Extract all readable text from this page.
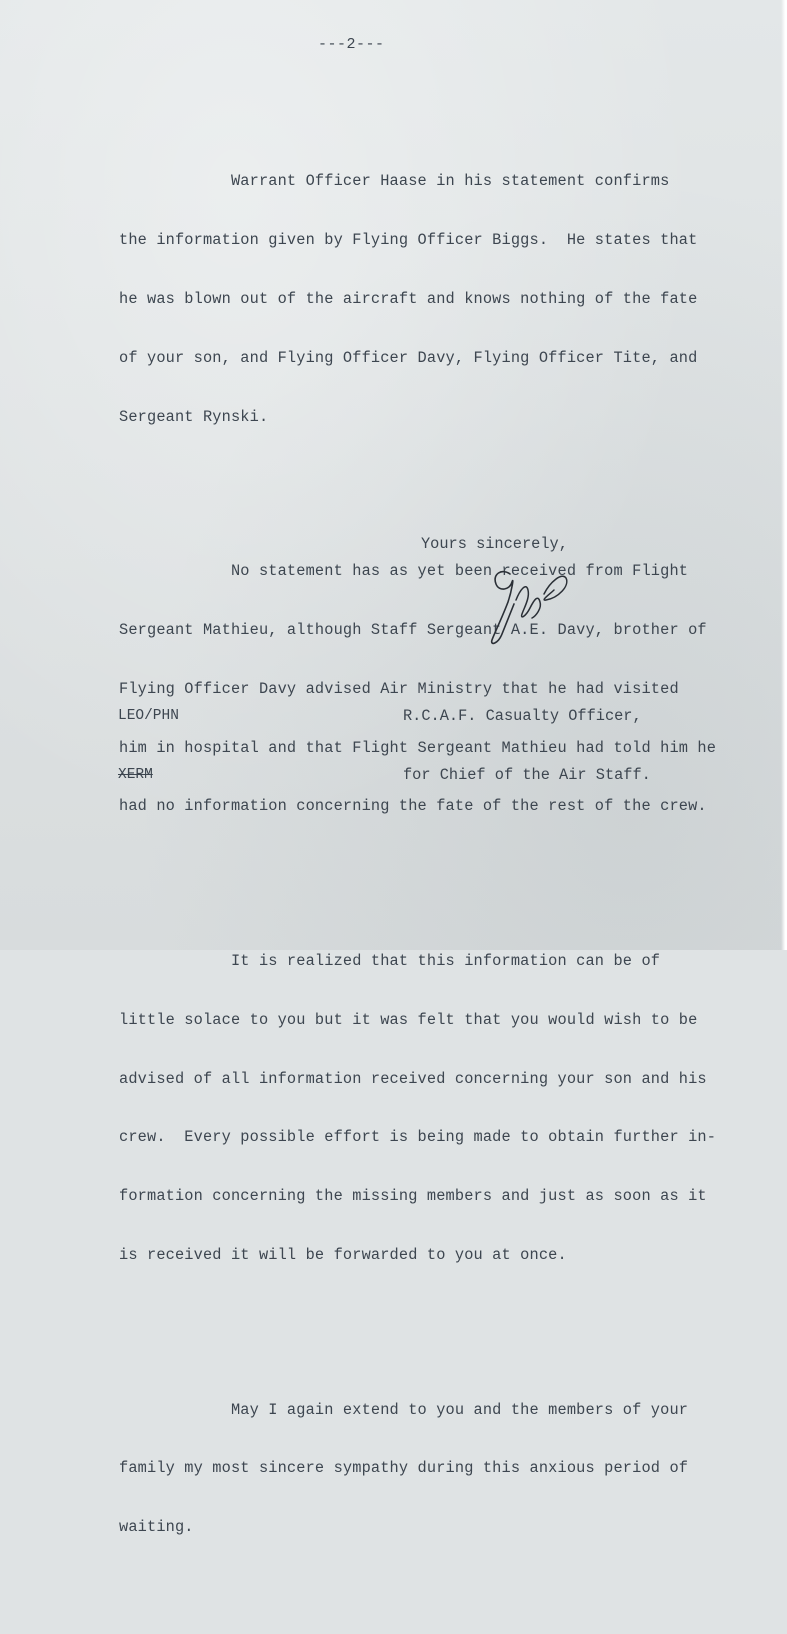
---2---

Warrant Officer Haase in his statement confirms

the information given by Flying Officer Biggs.  He states that

he was blown out of the aircraft and knows nothing of the fate

of your son, and Flying Officer Davy, Flying Officer Tite, and

Sergeant Rynski.

No statement has as yet been received from Flight

Sergeant Mathieu, although Staff Sergeant A.E. Davy, brother of

Flying Officer Davy advised Air Ministry that he had visited

him in hospital and that Flight Sergeant Mathieu had told him he

had no information concerning the fate of the rest of the crew.

It is realized that this information can be of

little solace to you but it was felt that you would wish to be

advised of all information received concerning your son and his

crew.  Every possible effort is being made to obtain further in-

formation concerning the missing members and just as soon as it

is received it will be forwarded to you at once.

May I again extend to you and the members of your

family my most sincere sympathy during this anxious period of

waiting.

Yours sincerely,

LEO/PHN

XERM

R.C.A.F. Casualty Officer,

for Chief of the Air Staff.
